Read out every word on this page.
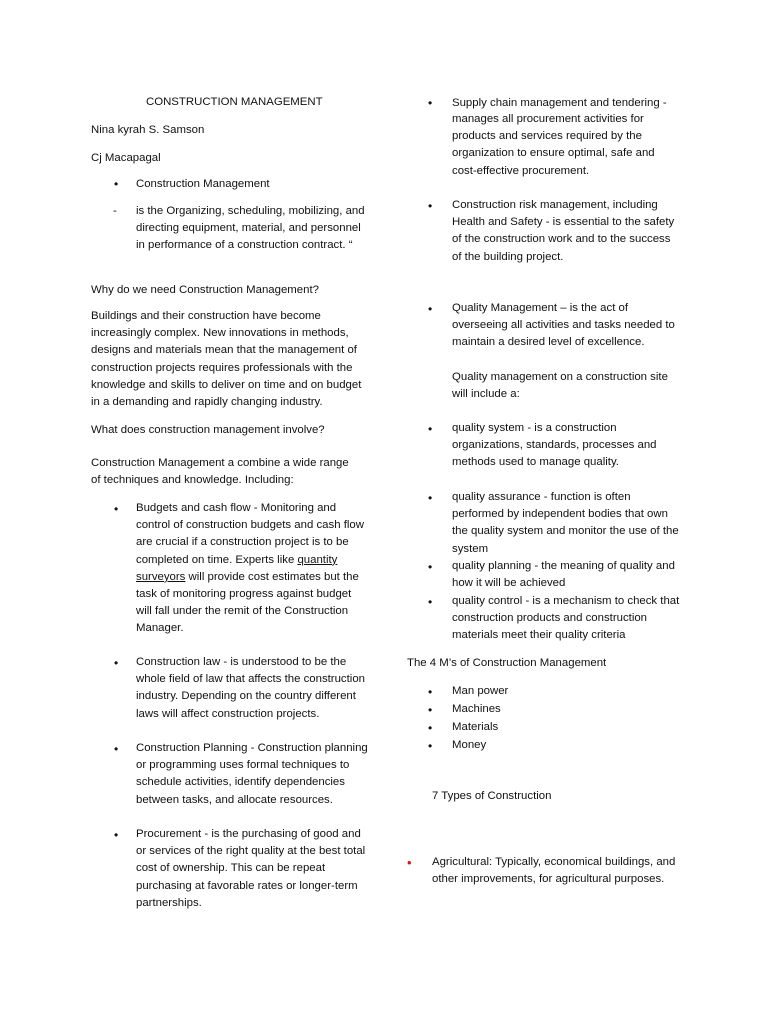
CONSTRUCTION MANAGEMENT
Nina kyrah S. Samson
Cj Macapagal
• Construction Management
- is the Organizing, scheduling, mobilizing, and directing equipment, material, and personnel in performance of a construction contract. “
Why do we need Construction Management?
Buildings and their construction have become increasingly complex. New innovations in methods, designs and materials mean that the management of construction projects requires professionals with the knowledge and skills to deliver on time and on budget in a demanding and rapidly changing industry.
What does construction management involve?
Construction Management a combine a wide range of techniques and knowledge. Including:
• Budgets and cash flow - Monitoring and control of construction budgets and cash flow are crucial if a construction project is to be completed on time. Experts like quantity surveyors will provide cost estimates but the task of monitoring progress against budget will fall under the remit of the Construction Manager.
• Construction law - is understood to be the whole field of law that affects the construction industry. Depending on the country different laws will affect construction projects.
• Construction Planning - Construction planning or programming uses formal techniques to schedule activities, identify dependencies between tasks, and allocate resources.
• Procurement - is the purchasing of good and or services of the right quality at the best total cost of ownership. This can be repeat purchasing at favorable rates or longer-term partnerships.
• Supply chain management and tendering -
manages all procurement activities for products and services required by the organization to ensure optimal, safe and cost-effective procurement.
• Construction risk management, including Health and Safety - is essential to the safety of the construction work and to the success of the building project.
• Quality Management – is the act of overseeing all activities and tasks needed to maintain a desired level of excellence.
Quality management on a construction site will include a:
• quality system - is a construction organizations, standards, processes and methods used to manage quality.
• quality assurance - function is often performed by independent bodies that own the quality system and monitor the use of the system
• quality planning - the meaning of quality and how it will be achieved
• quality control - is a mechanism to check that construction products and construction materials meet their quality criteria
The 4 M’s of Construction Management
• Man power
• Machines
• Materials
• Money
7 Types of Construction
• Agricultural: Typically, economical buildings, and other improvements, for agricultural purposes.
